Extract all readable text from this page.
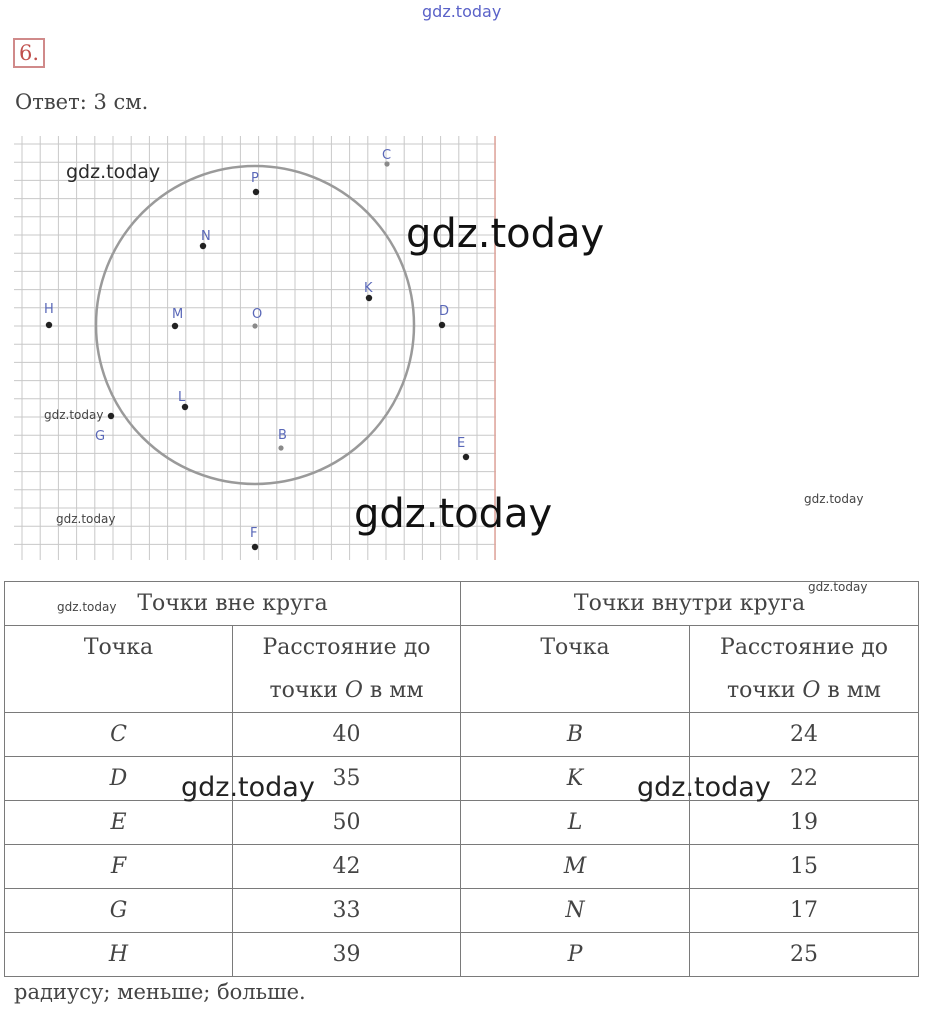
gdz.today
6.
Ответ: 3 см.
C
P
N
K
H	M	O	D
L
G	B
E
F
gdz.today
gdz.today
gdz.today
gdz.today	gdz.today	gdz.today
Точки вне круга		Точки внутри круга	
Точка	Расстояние до
точки O в мм	Точка	Расстояние до
точки O в мм
C	40	B	24
D	35	K	22
E	50	L	19
F	42	M	15
G	33	N	17
H	39	P	25
gdz.today
gdz.today
gdz.today	gdz.today
радиусу; меньше; больше.
